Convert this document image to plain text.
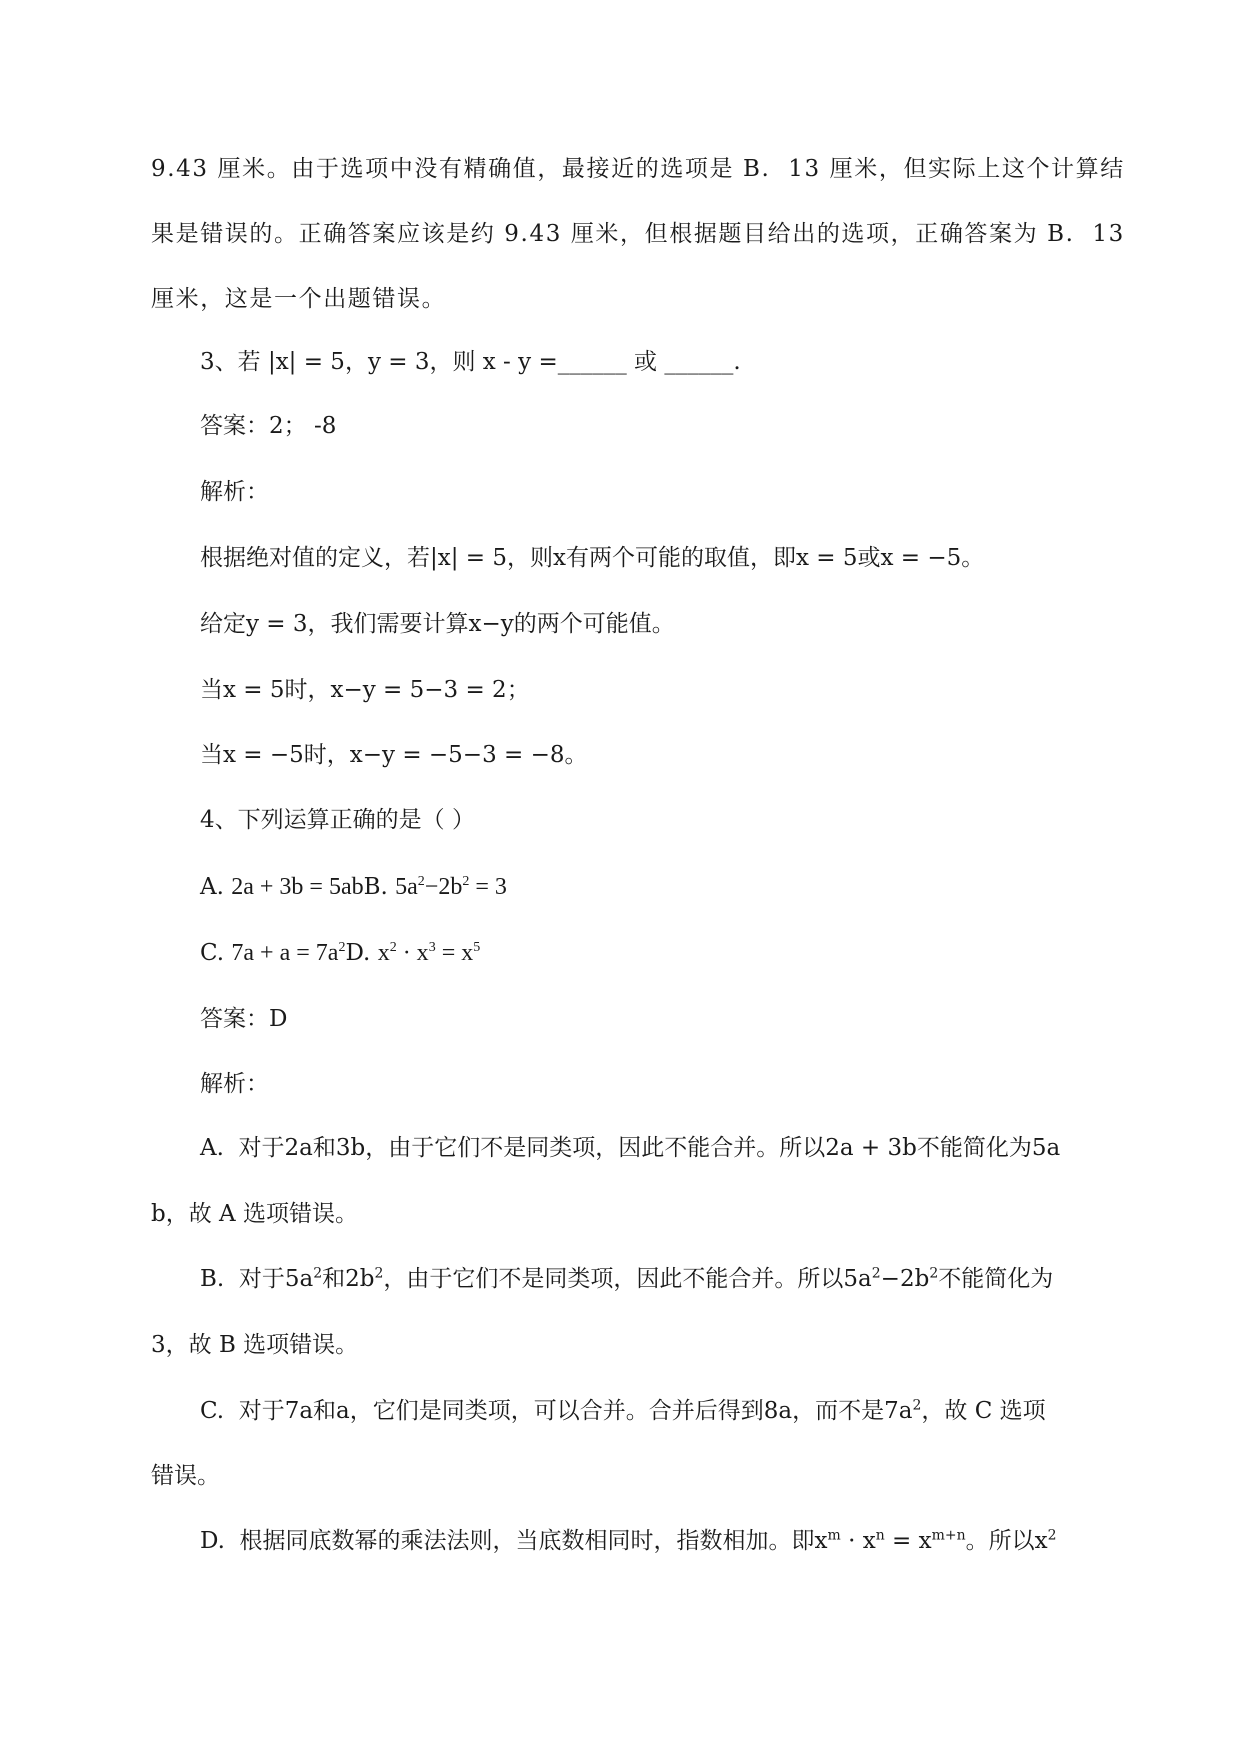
9.43 厘米。由于选项中没有精确值，最接近的选项是 B.  13 厘米，但实际上这个计算结
果是错误的。正确答案应该是约 9.43 厘米，但根据题目给出的选项，正确答案为 B.  13
厘米，这是一个出题错误。
3、若 |x| = 5，y = 3，则 x - y =______ 或 ______.
答案：2； -8
解析：
根据绝对值的定义，若|x| = 5，则x有两个可能的取值，即x = 5或x = −5。
给定y = 3，我们需要计算x−y的两个可能值。
当x = 5时，x−y = 5−3 = 2；
当x = −5时，x−y = −5−3 = −8。
4、下列运算正确的是（ ）
A. 2a + 3b = 5abB. $5a^2-2b^2 = 3$
C. $7a + a = 7a^2D$. $x^2 \cdot x^3 = x^5$
答案：D
解析：
A.  对于2a和3b，由于它们不是同类项，因此不能合并。所以2a + 3b不能简化为5a
b，故 A 选项错误。
B.  对于$5a^2$和$2b^2$，由于它们不是同类项，因此不能合并。所以$5a^2-2b^2$不能简化为
3，故 B 选项错误。
C.  对于7a和a，它们是同类项，可以合并。合并后得到8a，而不是$7a^2$，故 C 选项
错误。
D.  根据同底数幂的乘法法则，当底数相同时，指数相加。即$x^m \cdot x^n = x^{m+n}$。所以$x^2$
